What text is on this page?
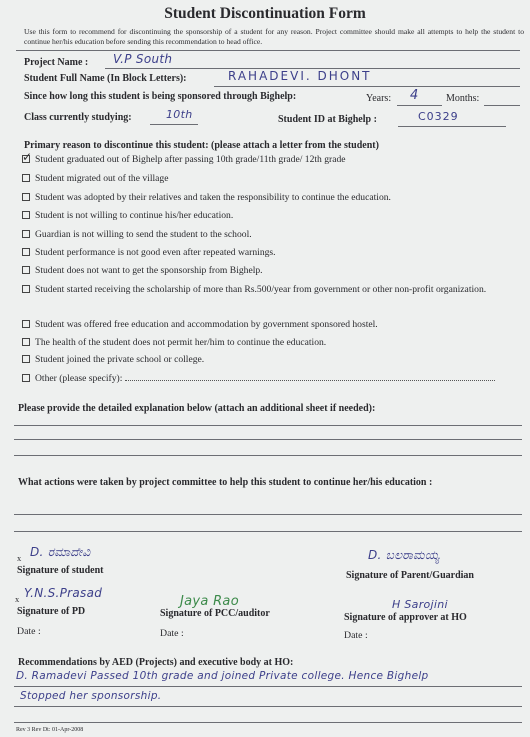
Student Discontinuation Form
Use this form to recommend for discontinuing the sponsorship of a student for any reason. Project committee should make all attempts to help the student to continue her/his education before sending this recommendation to head office.
Project Name : V.P South
Student Full Name (In Block Letters):	RAHADEVI. DHONT
Since how long this student is being sponsored through Bighelp:	Years: 4	Months:
Class currently studying:	10th	Student ID at Bighelp :	C0329
Primary reason to discontinue this student: (please attach a letter from the student)
✓Student graduated out of Bighelp after passing 10th grade/11th grade/ 12th grade
Student migrated out of the village
Student was adopted by their relatives and taken the responsibility to continue the education.
Student is not willing to continue his/her education.
Guardian is not willing to send the student to the school.
Student performance is not good even after repeated warnings.
Student does not want to get the sponsorship from Bighelp.
Student started receiving the scholarship of more than Rs.500/year from government or other non-profit organization.
Student was offered free education and accommodation by government sponsored hostel.
The health of the student does not permit her/him to continue the education.
Student joined the private school or college.
Other (please specify):
Please provide the detailed explanation below (attach an additional sheet if needed):
What actions were taken by project committee to help this student to continue her/his education :
x D. ರಮಾದೇವಿ
Signature of student
D. ಬಲರಾಮಯ್ಯ
Signature of Parent/Guardian
x Y.N.S.Prasad
Signature of PD
Date :
Jaya Rao
Signature of PCC/auditor
Date :
H Sarojini
Signature of approver at HO
Date :
Recommendations by AED (Projects) and executive body at HO:
D. Ramadevi Passed 10th grade and joined Private college. Hence Bighelp
Stopped her sponsorship.
Rev 3 Rev Dt: 01-Apr-2008
